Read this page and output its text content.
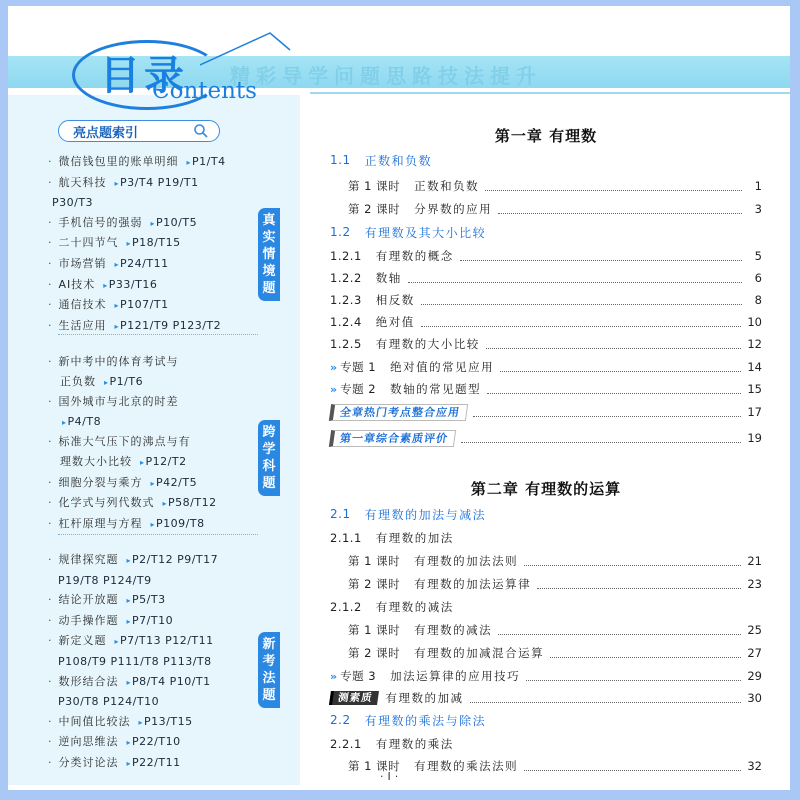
精彩导学问题思路技法提升
目录
Contents
亮点题索引
· 微信钱包里的账单明细 ▸P1/T4
· 航天科技 ▸P3/T4 P19/T1
P30/T3
· 手机信号的强弱 ▸P10/T5
· 二十四节气 ▸P18/T15
· 市场营销 ▸P24/T11
· AI技术 ▸P33/T16
· 通信技术 ▸P107/T1
· 生活应用 ▸P121/T9 P123/T2
真
实
情
境
题
· 新中考中的体育考试与
正负数 ▸P1/T6
· 国外城市与北京的时差
▸P4/T8
· 标准大气压下的沸点与有
理数大小比较 ▸P12/T2
· 细胞分裂与乘方 ▸P42/T5
· 化学式与列代数式 ▸P58/T12
· 杠杆原理与方程 ▸P109/T8
跨
学
科
题
· 规律探究题 ▸P2/T12 P9/T17
P19/T8 P124/T9
· 结论开放题 ▸P5/T3
· 动手操作题 ▸P7/T10
· 新定义题 ▸P7/T13 P12/T11
P108/T9 P111/T8 P113/T8
· 数形结合法 ▸P8/T4 P10/T1
P30/T8 P124/T10
· 中间值比较法 ▸P13/T15
· 逆向思维法 ▸P22/T10
· 分类讨论法 ▸P22/T11
新
考
法
题
第一章 有理数
1.1 正数和负数
第 1 课时 正数和负数	1
第 2 课时 分界数的应用	3
1.2 有理数及其大小比较
1.2.1 有理数的概念	5
1.2.2 数轴	6
1.2.3 相反数	8
1.2.4 绝对值	10
1.2.5 有理数的大小比较	12
» 专题 1 绝对值的常见应用	14
» 专题 2 数轴的常见题型	15
全章热门考点整合应用	17
第一章综合素质评价	19
第二章 有理数的运算
2.1 有理数的加法与减法
2.1.1 有理数的加法
第 1 课时 有理数的加法法则	21
第 2 课时 有理数的加法运算律	23
2.1.2 有理数的减法
第 1 课时 有理数的减法	25
第 2 课时 有理数的加减混合运算	27
» 专题 3 加法运算律的应用技巧	29
测素质	有理数的加减	30
2.2 有理数的乘法与除法
2.2.1 有理数的乘法
第 1 课时 有理数的乘法法则	32
·Ⅰ·
